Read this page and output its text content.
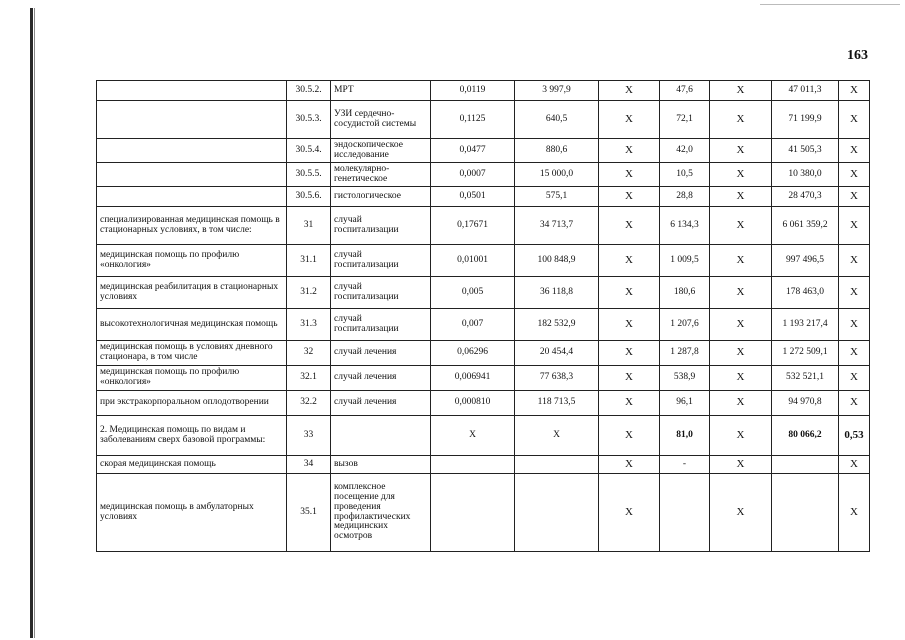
163
	30.5.2.	МРТ	0,0119	3 997,9	X	47,6	X	47 011,3	X
	30.5.3.	УЗИ сердечно-сосудистой системы	0,1125	640,5	X	72,1	X	71 199,9	X
	30.5.4.	эндоскопическое исследование	0,0477	880,6	X	42,0	X	41 505,3	X
	30.5.5.	молекулярно-генетическое	0,0007	15 000,0	X	10,5	X	10 380,0	X
	30.5.6.	гистологическое	0,0501	575,1	X	28,8	X	28 470,3	X
специализированная медицинская помощь в стационарных условиях, в том числе:	31	случай госпитализации	0,17671	34 713,7	X	6 134,3	X	6 061 359,2	X
медицинская помощь по профилю «онкология»	31.1	случай госпитализации	0,01001	100 848,9	X	1 009,5	X	997 496,5	X
медицинская реабилитация в стационарных условиях	31.2	случай госпитализации	0,005	36 118,8	X	180,6	X	178 463,0	X
высокотехнологичная медицинская помощь	31.3	случай госпитализации	0,007	182 532,9	X	1 207,6	X	1 193 217,4	X
медицинская помощь в условиях дневного стационара, в том числе	32	случай лечения	0,06296	20 454,4	X	1 287,8	X	1 272 509,1	X
медицинская помощь по профилю «онкология»	32.1	случай лечения	0,006941	77 638,3	X	538,9	X	532 521,1	X
при экстракорпоральном оплодотворении	32.2	случай лечения	0,000810	118 713,5	X	96,1	X	94 970,8	X
2. Медицинская помощь по видам и заболеваниям сверх базовой программы:	33		X	X	X	81,0	X	80 066,2	0,53
скорая медицинская помощь	34	вызов			X	-	X		X
медицинская помощь в амбулаторных условиях	35.1	комплексное посещение для проведения профилактических медицинских осмотров			X		X		X
